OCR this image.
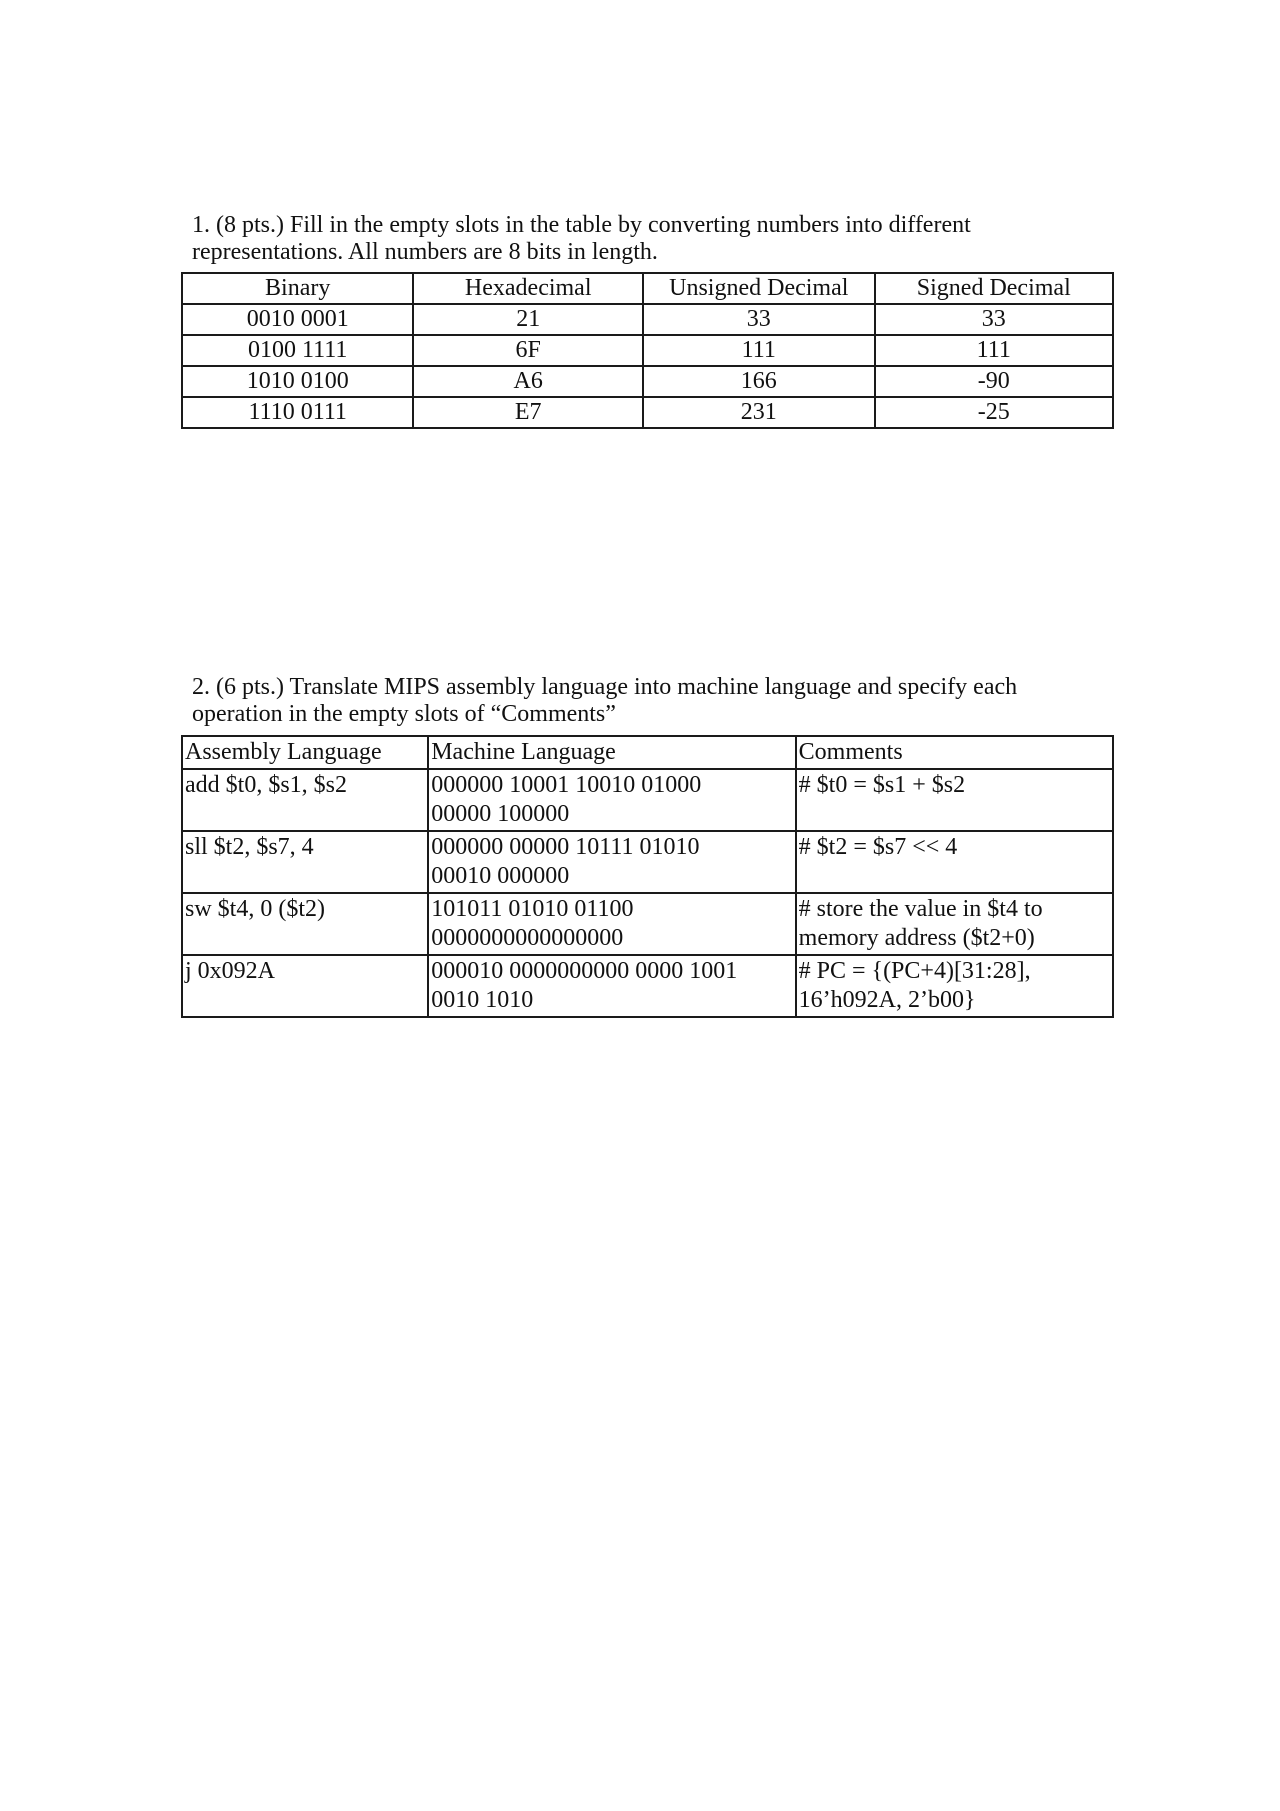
1. (8 pts.) Fill in the empty slots in the table by converting numbers into different
representations. All numbers are 8 bits in length.
Binary	Hexadecimal	Unsigned Decimal	Signed Decimal
0010 0001	21	33	33
0100 1111	6F	111	111
1010 0100	A6	166	-90
1110 0111	E7	231	-25
2. (6 pts.) Translate MIPS assembly language into machine language and specify each
operation in the empty slots of “Comments”
Assembly Language	Machine Language	Comments

add $t0, $s1, $s2	000000 10001 10010 01000
00000 100000	# $t0 = $s1 + $s2

sll $t2, $s7, 4	000000 00000 10111 01010
00010 000000	# $t2 = $s7 << 4

sw $t4, 0 ($t2)	101011 01010 01100
0000000000000000	# store the value in $t4 to
memory address ($t2+0)

j 0x092A	000010 0000000000 0000 1001
0010 1010	# PC = {(PC+4)[31:28],
16’h092A, 2’b00}
